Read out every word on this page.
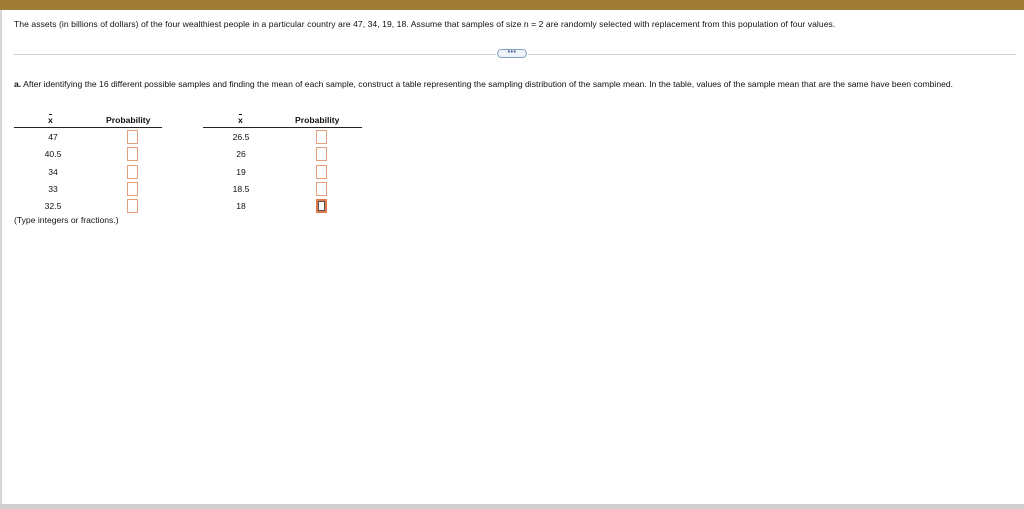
The assets (in billions of dollars) of the four wealthiest people in a particular country are 47, 34, 19, 18. Assume that samples of size n = 2 are randomly selected with replacement from this population of four values.
•••
a. After identifying the 16 different possible samples and finding the mean of each sample, construct a table representing the sampling distribution of the sample mean. In the table, values of the sample mean that are the same have been combined.
x	Probability
47
40.5
34
33
32.5
x	Probability
26.5
26
19
18.5
18
(Type integers or fractions.)
